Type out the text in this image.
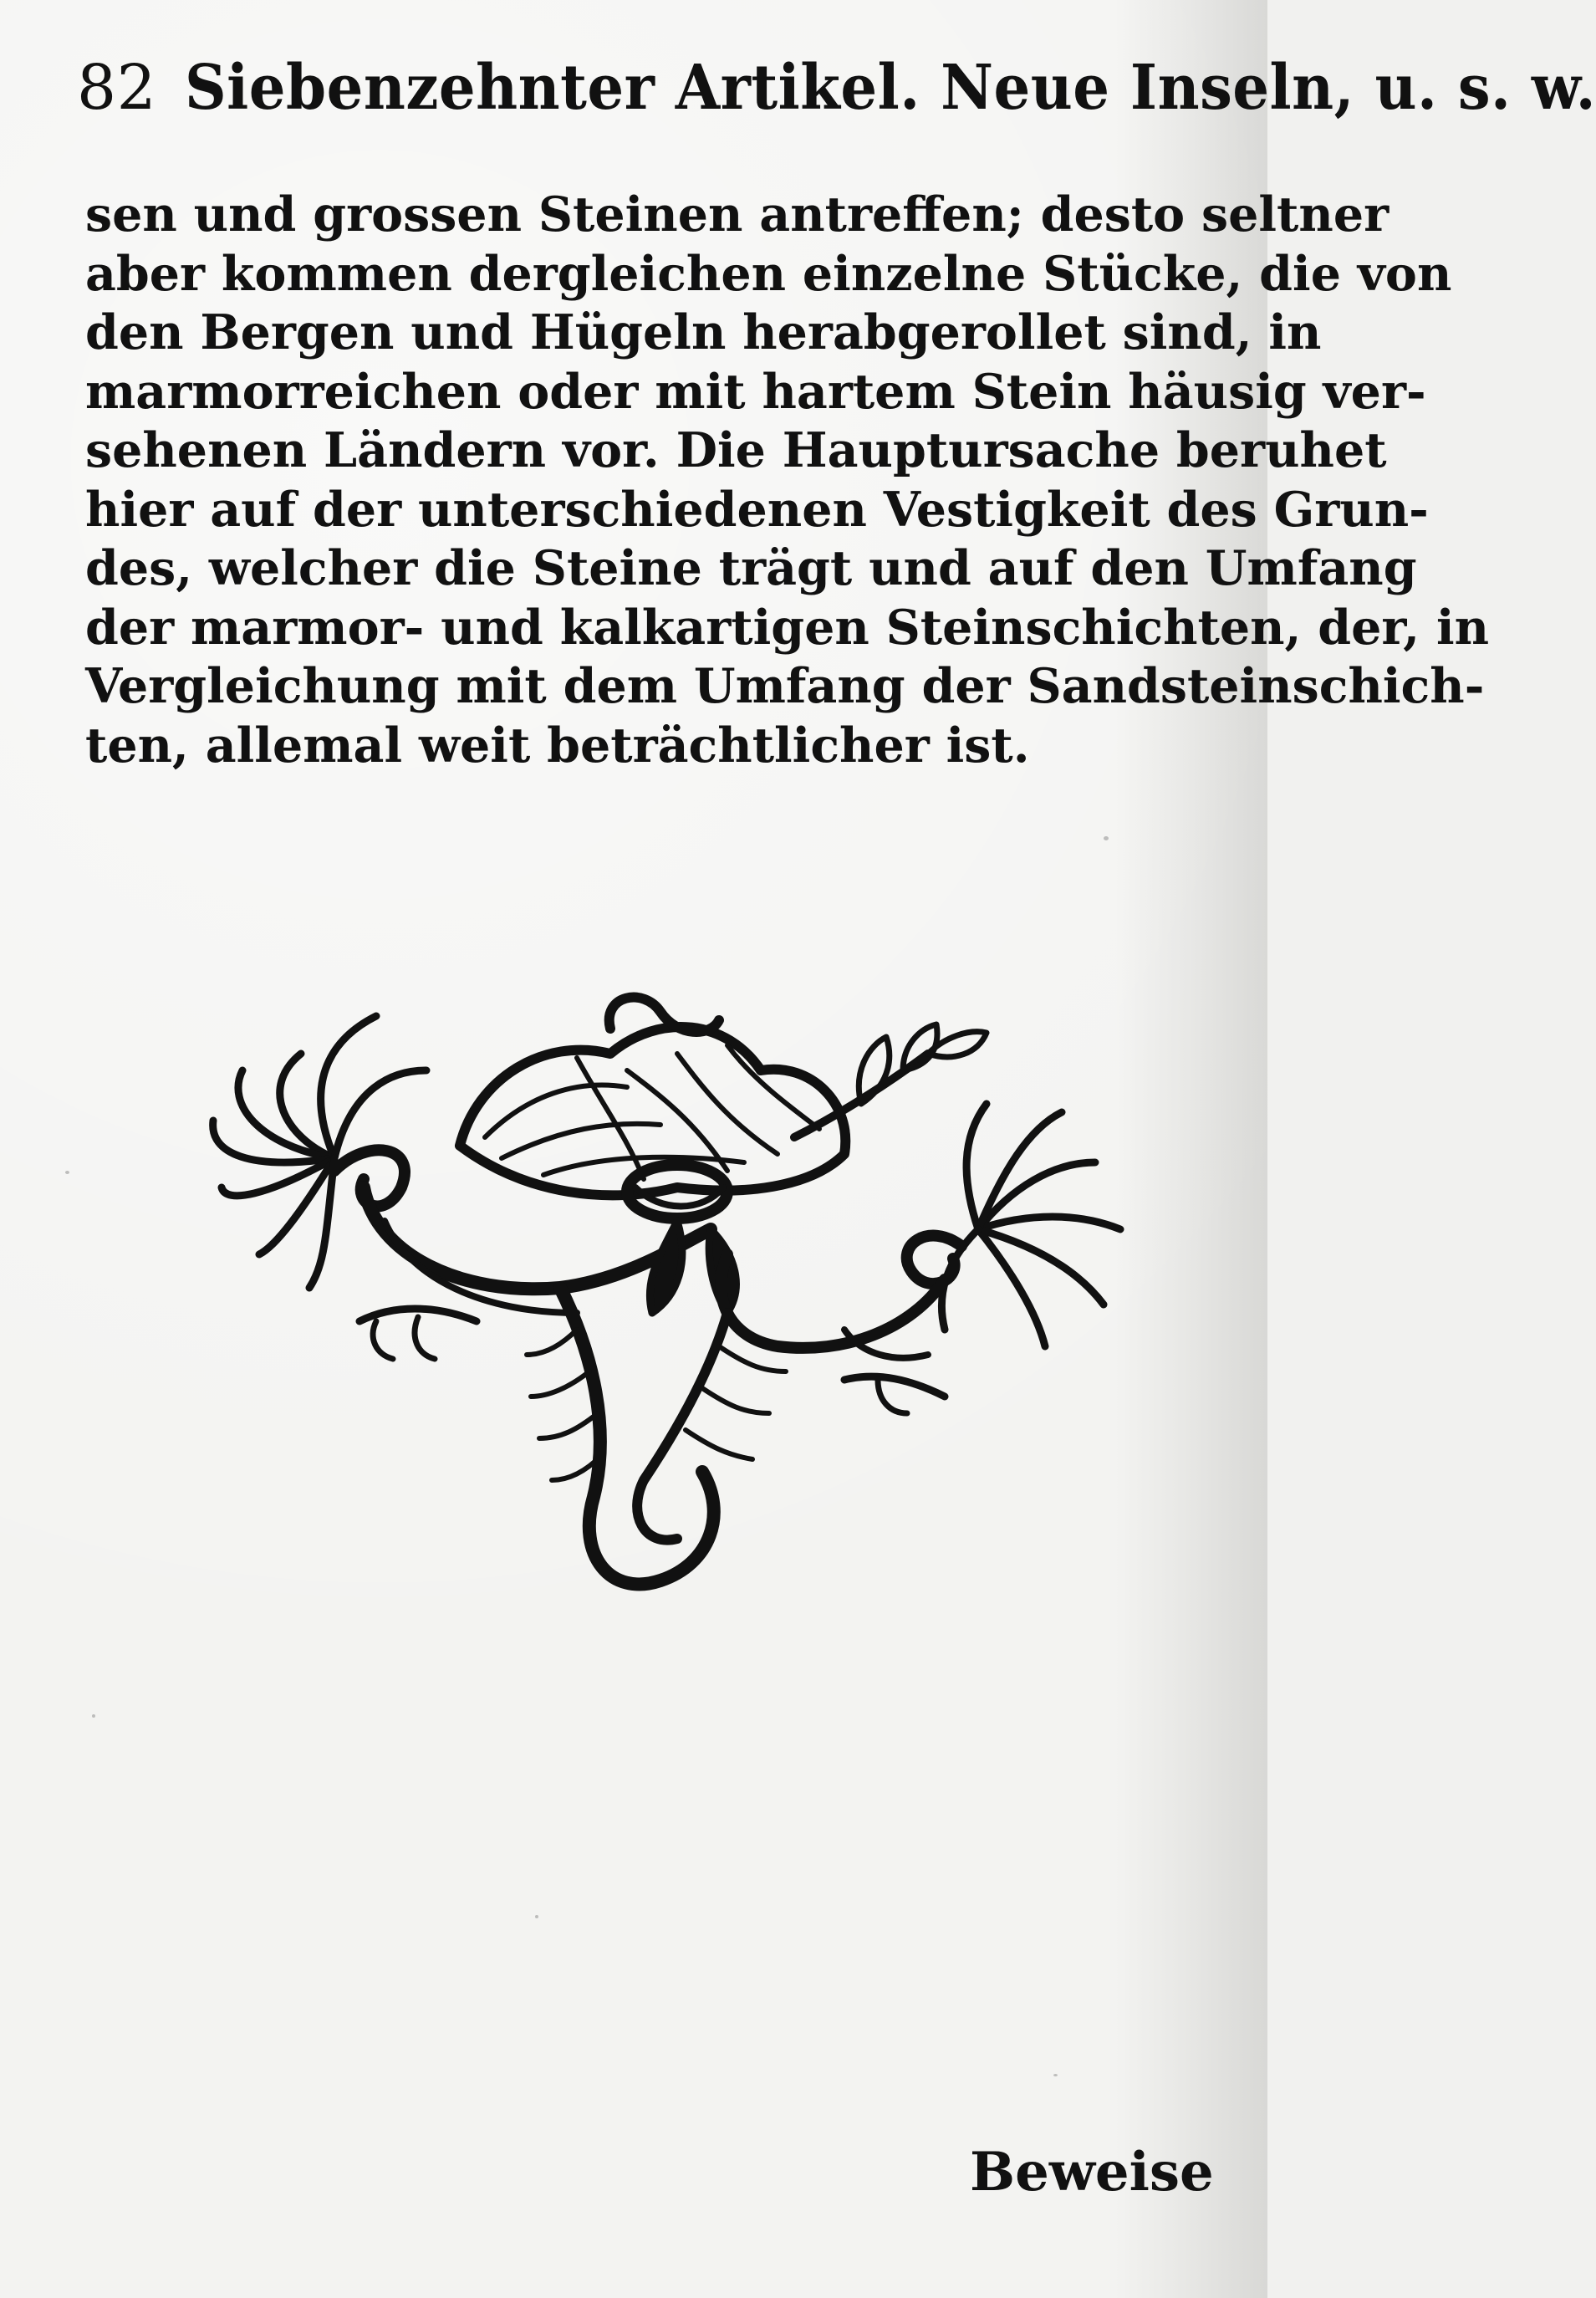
82 Siebenzehnter Artikel. Neue Inseln, u. s. w.
sen und grossen Steinen antreffen; desto seltner
aber kommen dergleichen einzelne Stücke, die von
den Bergen und Hügeln herabgerollet sind, in
marmorreichen oder mit hartem Stein häusig ver-
sehenen Ländern vor. Die Hauptursache beruhet
hier auf der unterschiedenen Vestigkeit des Grun-
des, welcher die Steine trägt und auf den Umfang
der marmor- und kalkartigen Steinschichten, der, in
Vergleichung mit dem Umfang der Sandsteinschich-
ten, allemal weit beträchtlicher ist.
Beweise
